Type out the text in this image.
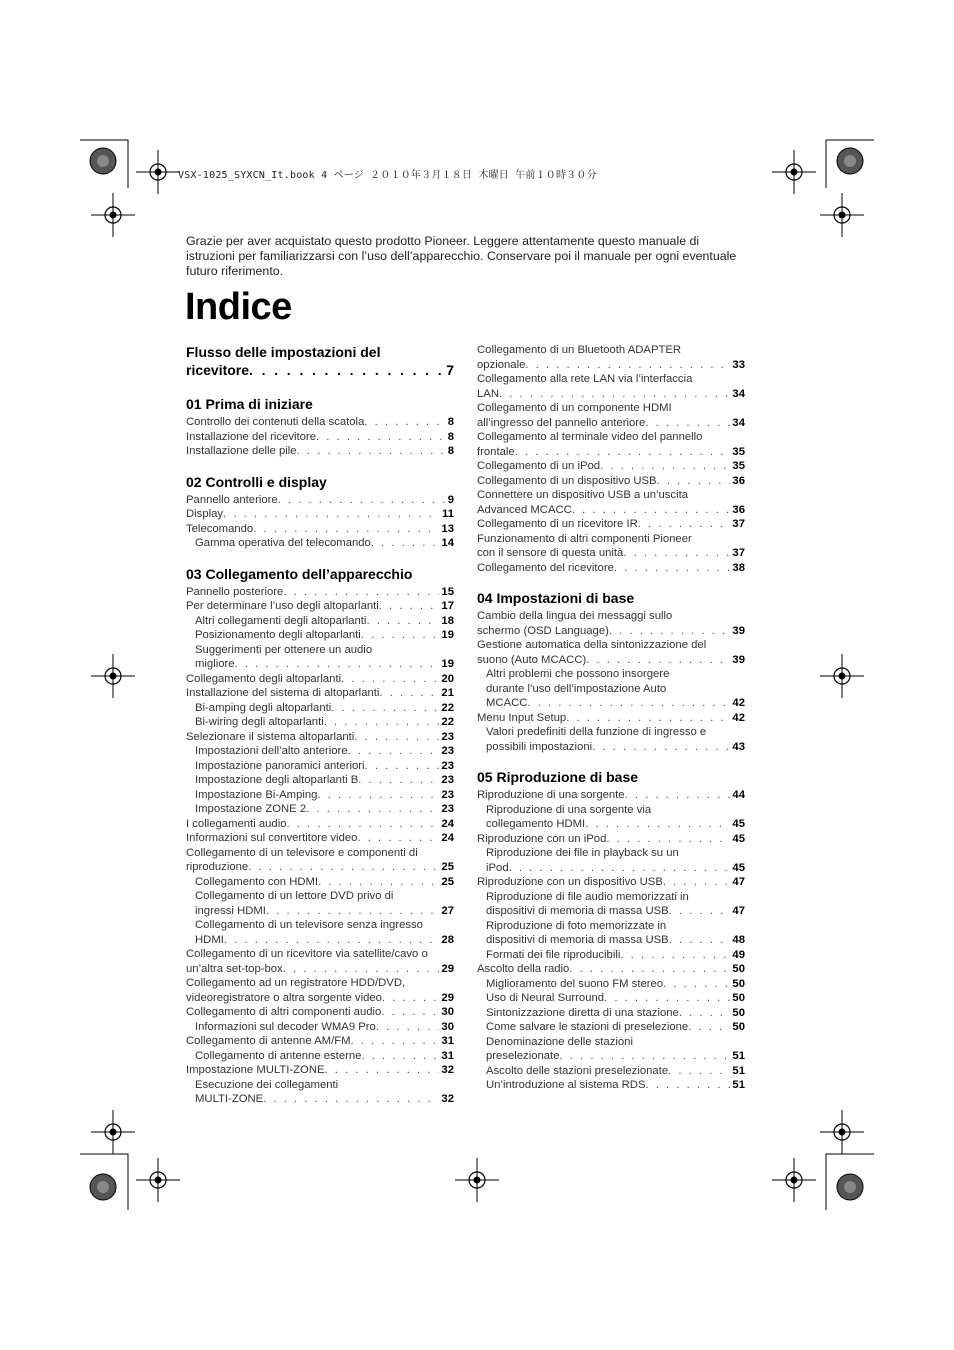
VSX-1025_SYXCN_It.book 4 ページ ２０１０年３月１８日 木曜日 午前１０時３０分
Grazie per aver acquistato questo prodotto Pioneer. Leggere attentamente questo manuale di istruzioni per familiarizzarsi con l’uso dell’apparecchio. Conservare poi il manuale per ogni eventuale futuro riferimento.
Indice
Flusso delle impostazioni del
ricevitore . . .	7
01 Prima di iniziare
Controllo dei contenuti della scatola . . .	8
Installazione del ricevitore . . .	8
Installazione delle pile . . .	8
02 Controlli e display
Pannello anteriore . . .	9
Display . . .	11
Telecomando . . .	13
Gamma operativa del telecomando . . .	14
03 Collegamento dell’apparecchio
Pannello posteriore . . .	15
Per determinare l’uso degli altoparlanti . . .	17
Altri collegamenti degli altoparlanti . . .	18
Posizionamento degli altoparlanti . . .	19
Suggerimenti per ottenere un audio
migliore . . .	19
Collegamento degli altoparlanti . . .	20
Installazione del sistema di altoparlanti . . .	21
Bi-amping degli altoparlanti . . .	22
Bi-wiring degli altoparlanti . . .	22
Selezionare il sistema altoparlanti . . .	23
Impostazioni dell’alto anteriore . . .	23
Impostazione panoramici anteriori . . .	23
Impostazione degli altoparlanti B . . .	23
Impostazione Bi-Amping . . .	23
Impostazione ZONE 2 . . .	23
I collegamenti audio . . .	24
Informazioni sul convertitore video . . .	24
Collegamento di un televisore e componenti di
riproduzione . . .	25
Collegamento con HDMI . . .	25
Collegamento di un lettore DVD privo di
ingressi HDMI . . .	27
Collegamento di un televisore senza ingresso
HDMI . . .	28
Collegamento di un ricevitore via satellite/cavo o
un’altra set-top-box . . .	29
Collegamento ad un registratore HDD/DVD,
videoregistratore o altra sorgente video . . .	29
Collegamento di altri componenti audio . . .	30
Informazioni sul decoder WMA9 Pro . . .	30
Collegamento di antenne AM/FM . . .	31
Collegamento di antenne esterne . . .	31
Impostazione MULTI-ZONE . . .	32
Esecuzione dei collegamenti
MULTI-ZONE . . .	32
Collegamento di un Bluetooth ADAPTER
opzionale . . .	33
Collegamento alla rete LAN via l’interfaccia
LAN . . .	34
Collegamento di un componente HDMI
all’ingresso del pannello anteriore . . .	34
Collegamento al terminale video del pannello
frontale . . .	35
Collegamento di un iPod . . .	35
Collegamento di un dispositivo USB . . .	36
Connettere un dispositivo USB a un’uscita
Advanced MCACC . . .	36
Collegamento di un ricevitore IR . . .	37
Funzionamento di altri componenti Pioneer
con il sensore di questa unità . . .	37
Collegamento del ricevitore . . .	38
04 Impostazioni di base
Cambio della lingua dei messaggi sullo
schermo (OSD Language) . . .	39
Gestione automatica della sintonizzazione del
suono (Auto MCACC) . . .	39
Altri problemi che possono insorgere
durante l’uso dell’impostazione Auto
MCACC . . .	42
Menu Input Setup . . .	42
Valori predefiniti della funzione di ingresso e
possibili impostazioni . . .	43
05 Riproduzione di base
Riproduzione di una sorgente . . .	44
Riproduzione di una sorgente via
collegamento HDMI . . .	45
Riproduzione con un iPod . . .	45
Riproduzione dei file in playback su un
iPod . . .	45
Riproduzione con un dispositivo USB . . .	47
Riproduzione di file audio memorizzati in
dispositivi di memoria di massa USB . . .	47
Riproduzione di foto memorizzate in
dispositivi di memoria di massa USB . . .	48
Formati dei file riproducibili . . .	49
Ascolto della radio . . .	50
Miglioramento del suono FM stereo . . .	50
Uso di Neural Surround . . .	50
Sintonizzazione diretta di una stazione . . .	50
Come salvare le stazioni di preselezione . . .	50
Denominazione delle stazioni
preselezionate . . .	51
Ascolto delle stazioni preselezionate . . .	51
Un’introduzione al sistema RDS . . .	51
